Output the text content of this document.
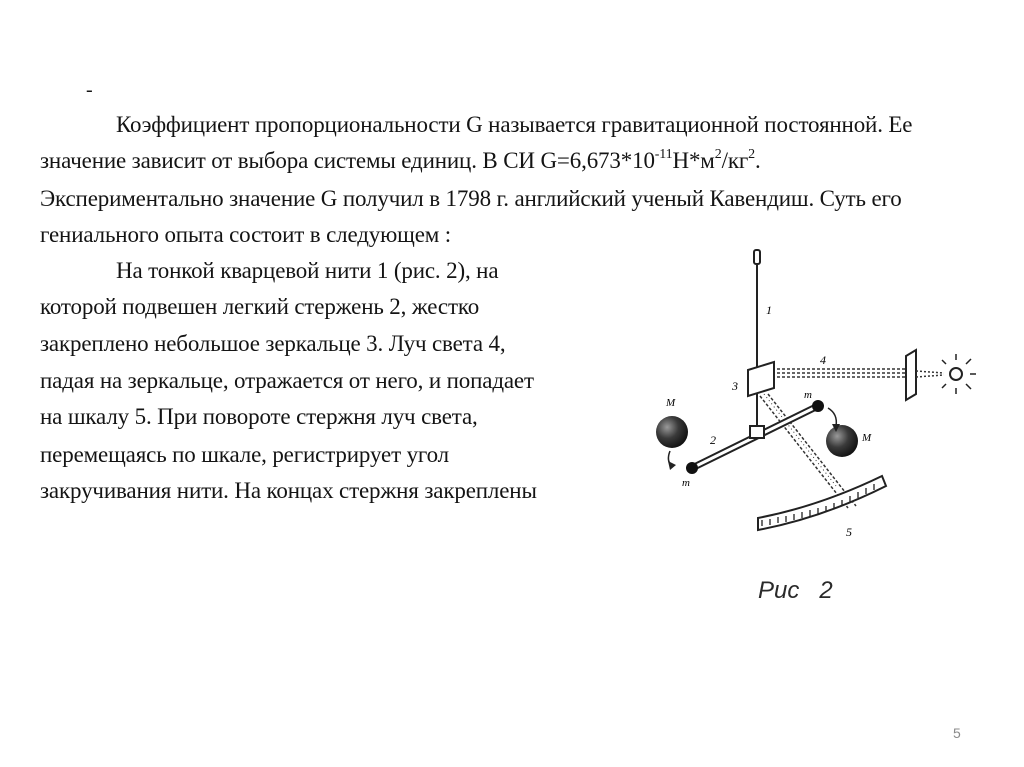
-
Коэффициент пропорциональности G называется гравитационной постоянной. Ее
значение зависит от выбора системы единиц. В СИ $G=6,673*10^{-11}Н*м^2/кг^2$.
Экспериментально значение G получил в 1798 г. английский ученый Кавендиш. Суть его
гениального опыта состоит в следующем :
На тонкой кварцевой нити 1 (рис. 2), на
которой подвешен легкий стержень 2, жестко
закреплено небольшое зеркальце 3. Луч света 4,
падая на зеркальце, отражается от него, и попадает
на шкалу 5. При повороте стержня луч света,
перемещаясь по шкале, регистрирует угол
закручивания нити. На концах стержня закреплены
1
2
3
4
5
M
M
m
m
Рис   2
5
